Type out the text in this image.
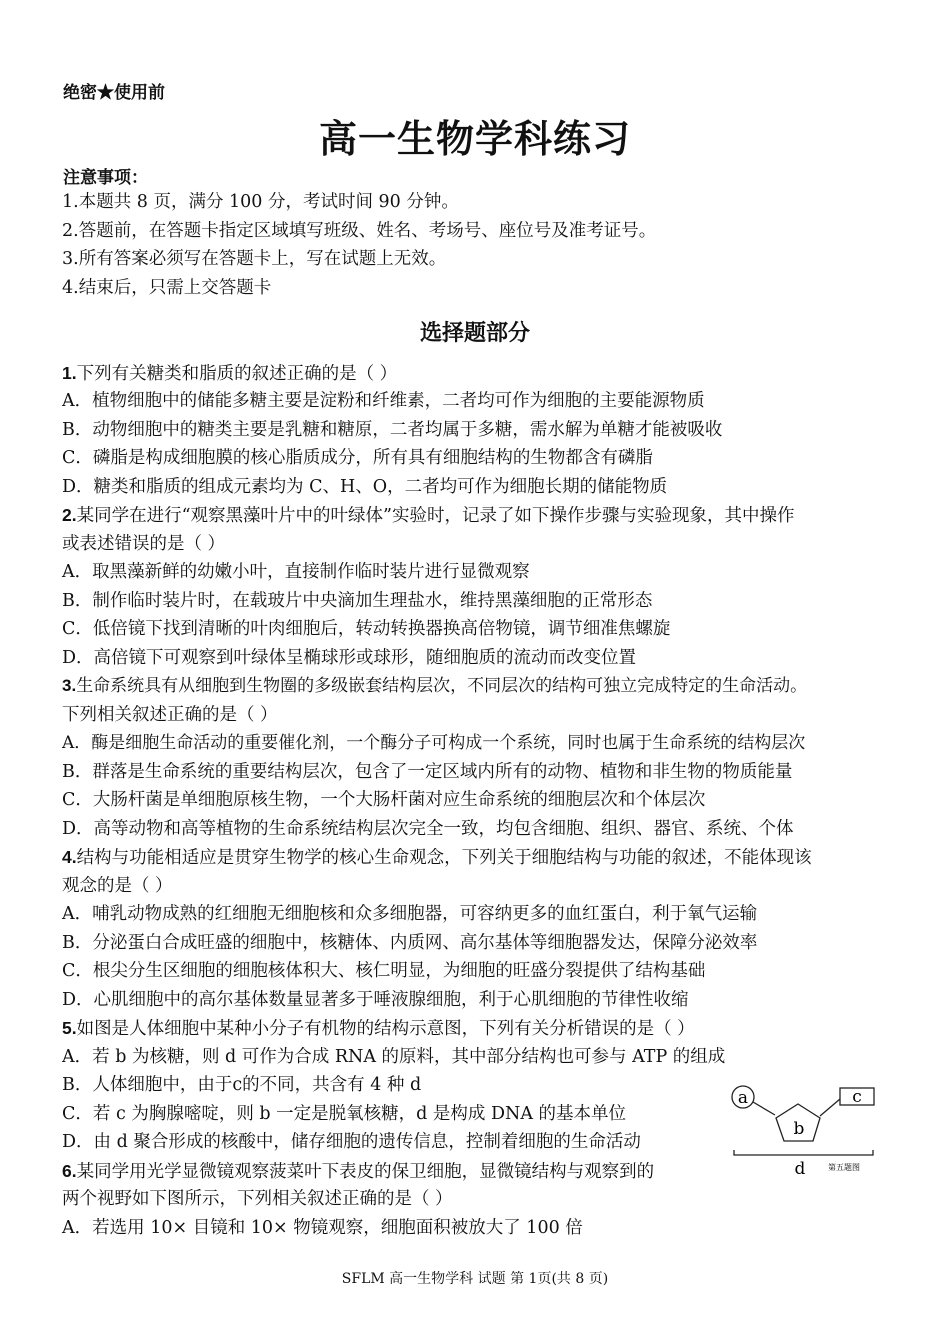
绝密★使用前
高一生物学科练习
注意事项：
1.本题共 8 页，满分 100 分，考试时间 90 分钟。
2.答题前，在答题卡指定区域填写班级、姓名、考场号、座位号及准考证号。
3.所有答案必须写在答题卡上，写在试题上无效。
4.结束后，只需上交答题卡
选择题部分
1.下列有关糖类和脂质的叙述正确的是（ ）
A．植物细胞中的储能多糖主要是淀粉和纤维素，二者均可作为细胞的主要能源物质
B．动物细胞中的糖类主要是乳糖和糖原，二者均属于多糖，需水解为单糖才能被吸收
C．磷脂是构成细胞膜的核心脂质成分，所有具有细胞结构的生物都含有磷脂
D．糖类和脂质的组成元素均为 C、H、O，二者均可作为细胞长期的储能物质
2.某同学在进行“观察黑藻叶片中的叶绿体”实验时，记录了如下操作步骤与实验现象，其中操作
或表述错误的是（ ）
A．取黑藻新鲜的幼嫩小叶，直接制作临时装片进行显微观察
B．制作临时装片时，在载玻片中央滴加生理盐水，维持黑藻细胞的正常形态
C．低倍镜下找到清晰的叶肉细胞后，转动转换器换高倍物镜，调节细准焦螺旋
D．高倍镜下可观察到叶绿体呈椭球形或球形，随细胞质的流动而改变位置
3.生命系统具有从细胞到生物圈的多级嵌套结构层次，不同层次的结构可独立完成特定的生命活动。
下列相关叙述正确的是（ ）
A．酶是细胞生命活动的重要催化剂，一个酶分子可构成一个系统，同时也属于生命系统的结构层次
B．群落是生命系统的重要结构层次，包含了一定区域内所有的动物、植物和非生物的物质能量
C．大肠杆菌是单细胞原核生物，一个大肠杆菌对应生命系统的细胞层次和个体层次
D．高等动物和高等植物的生命系统结构层次完全一致，均包含细胞、组织、器官、系统、个体
4.结构与功能相适应是贯穿生物学的核心生命观念，下列关于细胞结构与功能的叙述，不能体现该
观念的是（ ）
A．哺乳动物成熟的红细胞无细胞核和众多细胞器，可容纳更多的血红蛋白，利于氧气运输
B．分泌蛋白合成旺盛的细胞中，核糖体、内质网、高尔基体等细胞器发达，保障分泌效率
C．根尖分生区细胞的细胞核体积大、核仁明显，为细胞的旺盛分裂提供了结构基础
D．心肌细胞中的高尔基体数量显著多于唾液腺细胞，利于心肌细胞的节律性收缩
5.如图是人体细胞中某种小分子有机物的结构示意图，下列有关分析错误的是（ ）
A．若 b 为核糖，则 d 可作为合成 RNA 的原料，其中部分结构也可参与 ATP 的组成
B．人体细胞中，由于c的不同，共含有 4 种 d
C．若 c 为胸腺嘧啶，则 b 一定是脱氧核糖，d 是构成 DNA 的基本单位
D．由 d 聚合形成的核酸中，储存细胞的遗传信息，控制着细胞的生命活动
6.某同学用光学显微镜观察菠菜叶下表皮的保卫细胞，显微镜结构与观察到的
两个视野如下图所示，下列相关叙述正确的是（ ）
A．若选用 10× 目镜和 10× 物镜观察，细胞面积被放大了 100 倍
a
b
c
d	第五题图
SFLM 高一生物学科 试题 第 1页(共 8 页)
